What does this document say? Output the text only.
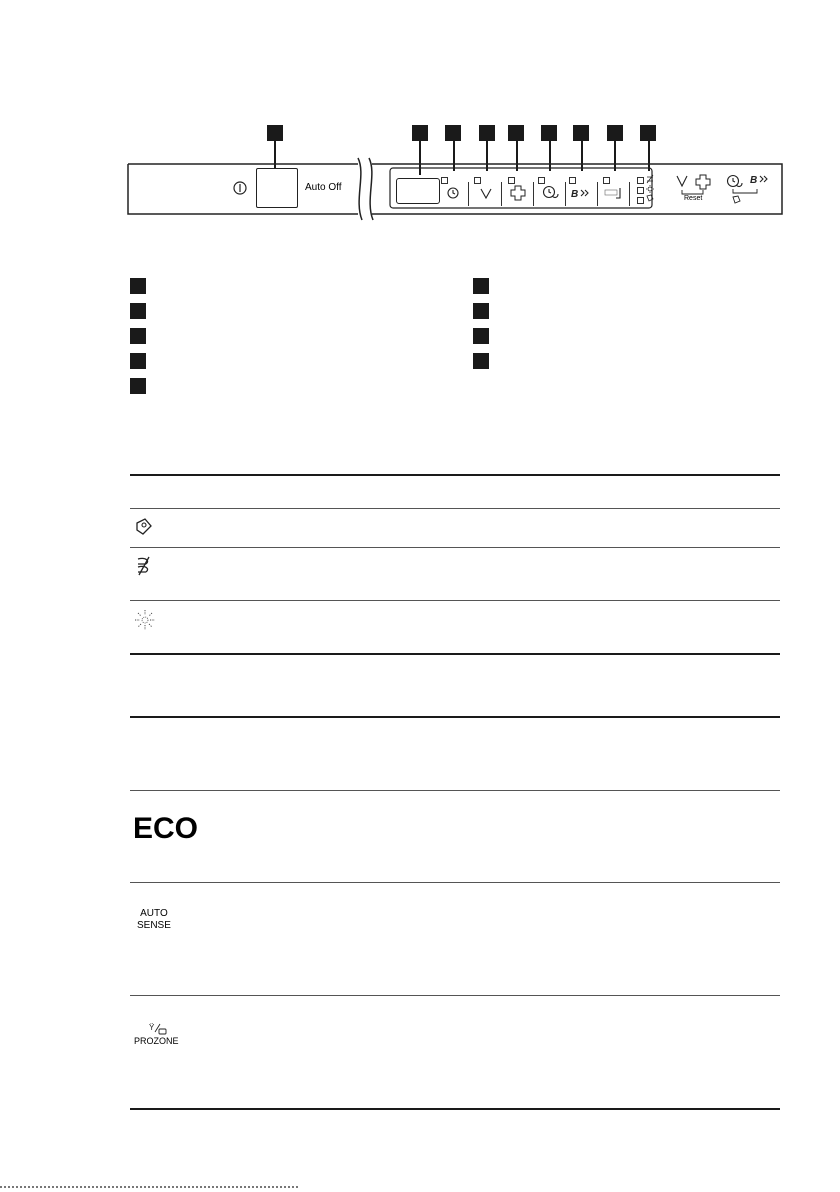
Auto Off
B
B
Reset
ECO
AUTO
SENSE
Ϋ
PROZONE
